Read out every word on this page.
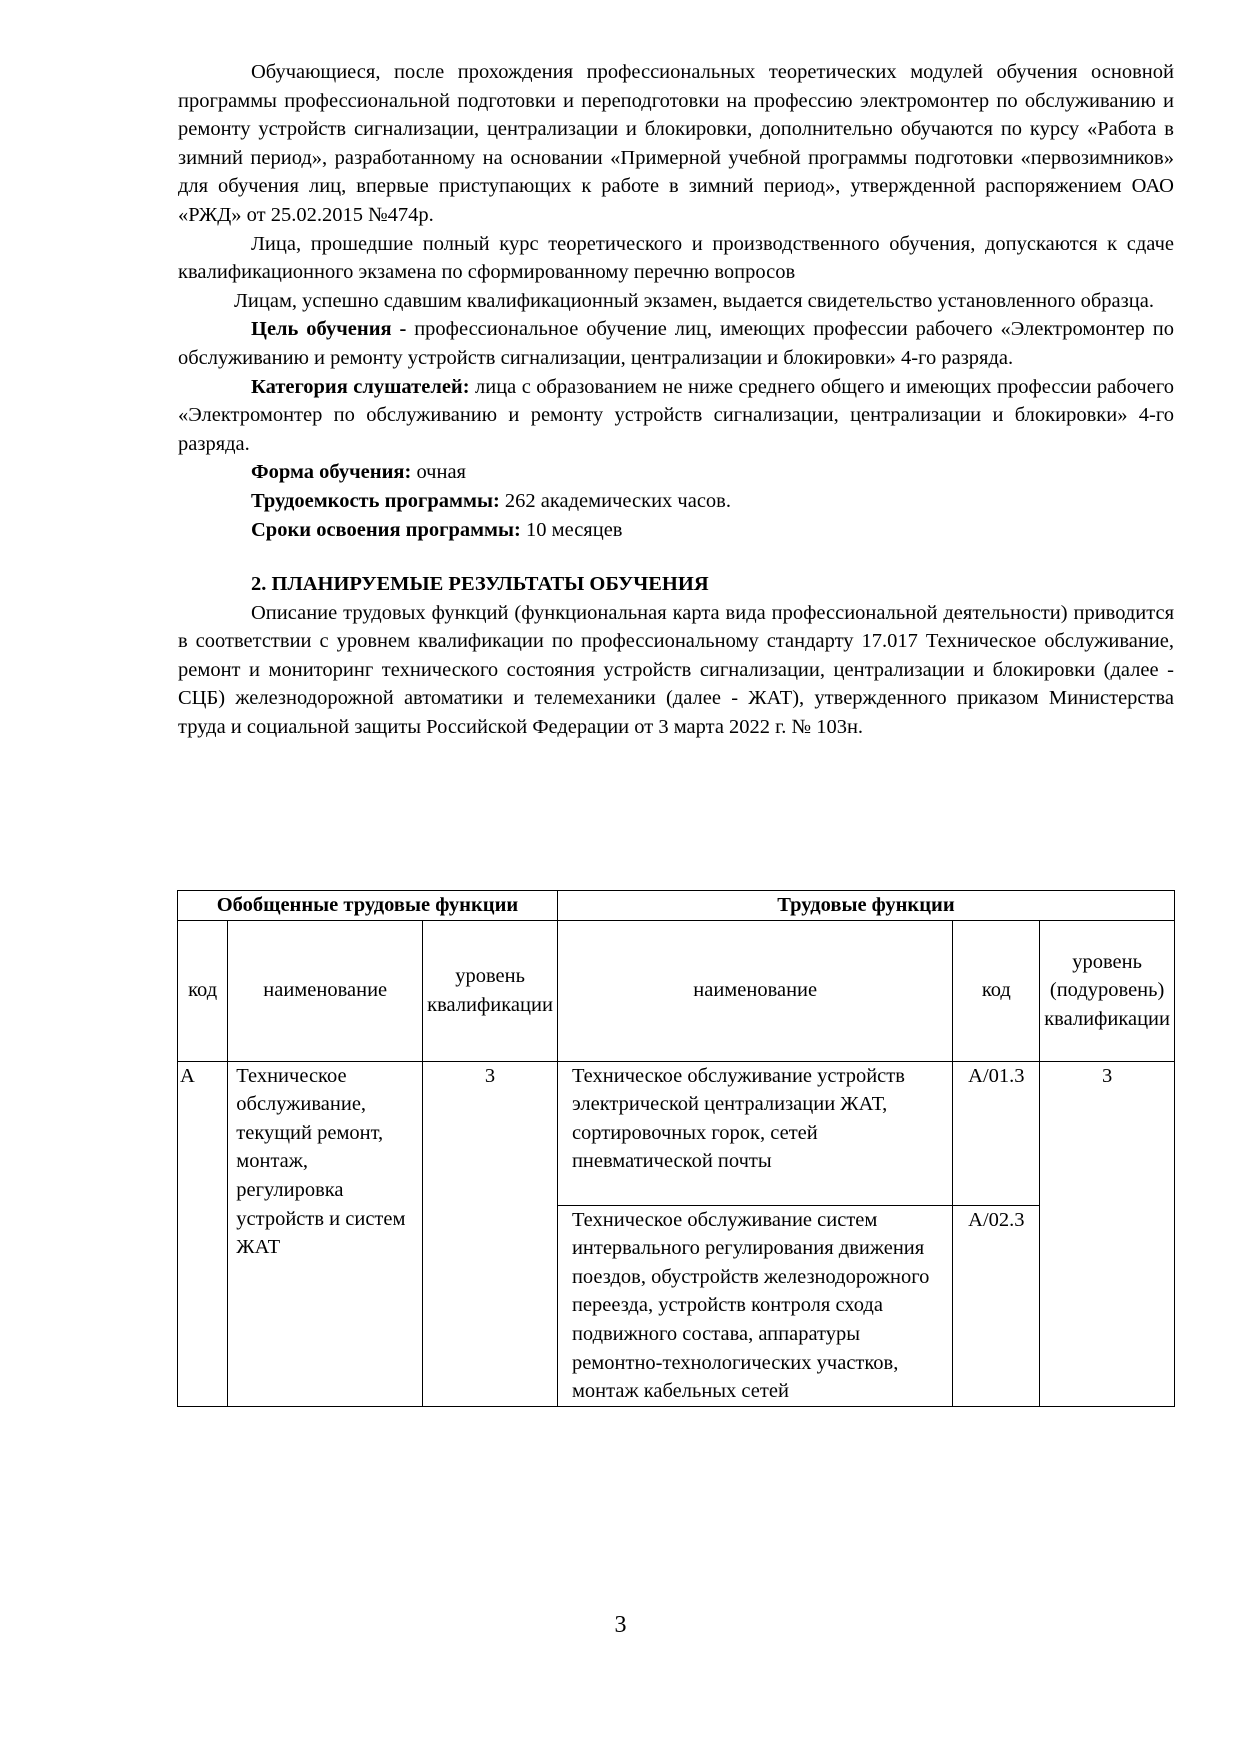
Обучающиеся, после прохождения профессиональных теоретических модулей обучения основной программы профессиональной подготовки и переподготовки на профессию электромонтер по обслуживанию и ремонту устройств сигнализации, централизации и блокировки, дополнительно обучаются по курсу «Работа в зимний период», разработанному на основании «Примерной учебной программы подготовки «первозимников» для обучения лиц, впервые приступающих к работе в зимний период», утвержденной распоряжением ОАО «РЖД» от 25.02.2015 №474р.

Лица, прошедшие полный курс теоретического и производственного обучения, допускаются к сдаче квалификационного экзамена по сформированному перечню вопросов

Лицам, успешно сдавшим квалификационный экзамен, выдается свидетельство установленного образца.

Цель обучения - профессиональное обучение лиц, имеющих профессии рабочего «Электромонтер по обслуживанию и ремонту устройств сигнализации, централизации и блокировки» 4-го разряда.

Категория слушателей: лица с образованием не ниже среднего общего и имеющих профессии рабочего «Электромонтер по обслуживанию и ремонту устройств сигнализации, централизации и блокировки» 4-го разряда.

Форма обучения: очная
Трудоемкость программы: 262 академических часов.
Сроки освоения программы: 10 месяцев
2. ПЛАНИРУЕМЫЕ РЕЗУЛЬТАТЫ ОБУЧЕНИЯ

Описание трудовых функций (функциональная карта вида профессиональной деятельности) приводится в соответствии с уровнем квалификации по профессиональному стандарту 17.017 Техническое обслуживание, ремонт и мониторинг технического состояния устройств сигнализации, централизации и блокировки (далее - СЦБ) железнодорожной автоматики и телемеханики (далее - ЖАТ), утвержденного приказом Министерства труда и социальной защиты Российской Федерации от 3 марта 2022 г. № 103н.

Обобщенные трудовые функции			Трудовые функции		
код	наименование	уровень квалификации	наименование	код	уровень (подуровень) квалификации
A	Техническое обслуживание, текущий ремонт, монтаж, регулировка устройств и систем ЖАТ	3	Техническое обслуживание устройств электрической централизации ЖАТ, сортировочных горок, сетей пневматической почты	A/01.3	3
			Техническое обслуживание систем интервального регулирования движения поездов, обустройств железнодорожного переезда, устройств контроля схода подвижного состава, аппаратуры ремонтно-технологических участков, монтаж кабельных сетей	A/02.3	
3
